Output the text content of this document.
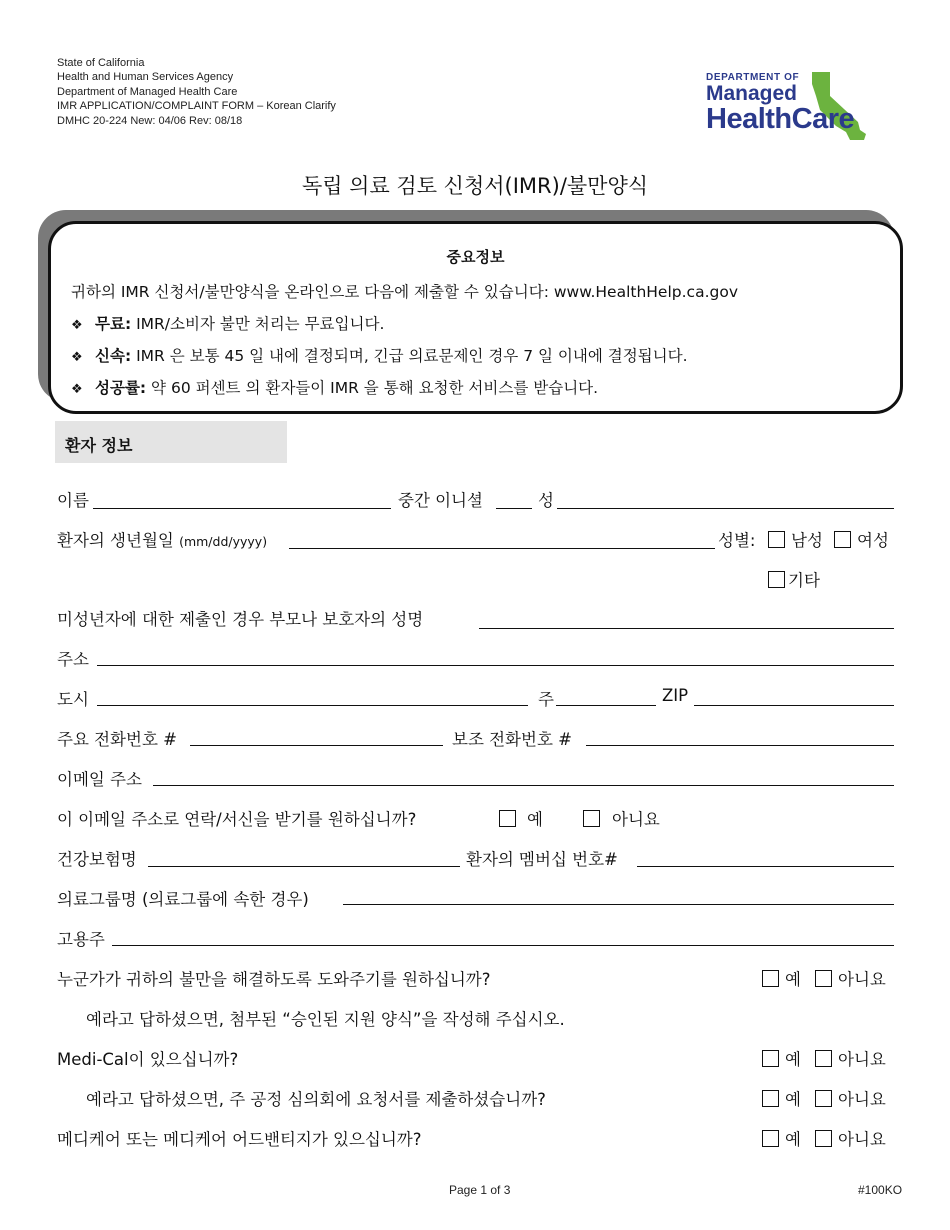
State of California
Health and Human Services Agency
Department of Managed Health Care
IMR APPLICATION/COMPLAINT FORM – Korean Clarify
DMHC 20-224 New: 04/06 Rev: 08/18
DEPARTMENT OF
Managed
HealthCare
독립 의료 검토 신청서(IMR)/불만양식
중요정보
귀하의 IMR 신청서/불만양식을 온라인으로 다음에 제출할 수 있습니다: www.HealthHelp.ca.gov
❖ 무료: IMR/소비자 불만 처리는 무료입니다.
❖ 신속: IMR 은 보통 45 일 내에 결정되며, 긴급 의료문제인 경우 7 일 이내에 결정됩니다.
❖ 성공률: 약 60 퍼센트 의 환자들이 IMR 을 통해 요청한 서비스를 받습니다.
환자 정보
이름	중간 이니셜	성
환자의 생년월일 (mm/dd/yyyy)	성별: 남성 여성
기타
미성년자에 대한 제출인 경우 부모나 보호자의 성명
주소
도시	주	ZIP
주요 전화번호 #	보조 전화번호 #
이메일 주소
이 이메일 주소로 연락/서신을 받기를 원하십니까?	예	아니요
건강보험명	환자의 멤버십 번호#
의료그룹명 (의료그룹에 속한 경우)
고용주
누군가가 귀하의 불만을 해결하도록 도와주기를 원하십니까?	예 아니요
예라고 답하셨으면, 첨부된 “승인된 지원 양식”을 작성해 주십시오.
Medi-Cal이 있으십니까?	예 아니요
예라고 답하셨으면, 주 공정 심의회에 요청서를 제출하셨습니까?	예 아니요
메디케어 또는 메디케어 어드밴티지가 있으십니까?	예 아니요
Page 1 of 3	#100KO
